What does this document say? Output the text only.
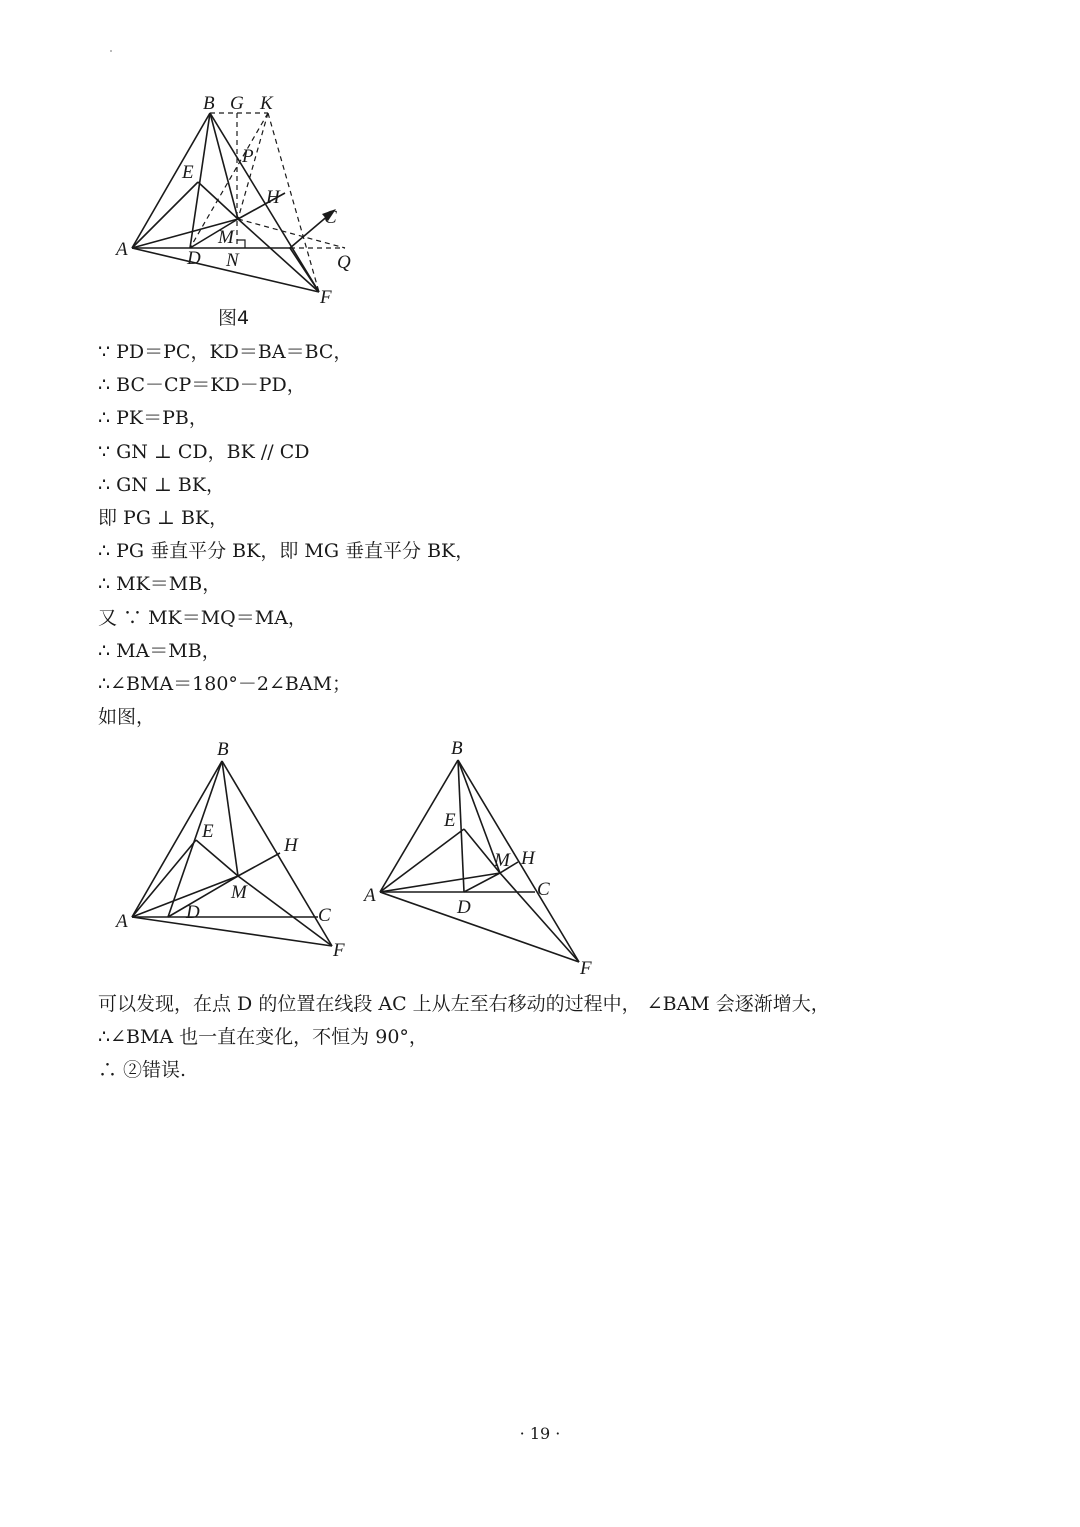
B G K
P
E
H
C
M
A	D N	Q
F
图4
∵ PD＝PC，KD＝BA＝BC，
∴ BC－CP＝KD－PD，
∴ PK＝PB，
∵ GN ⊥ CD，BK // CD
∴ GN ⊥ BK，
即 PG ⊥ BK，
∴ PG 垂直平分 BK，即 MG 垂直平分 BK，
∴ MK＝MB，
又 ∵ MK＝MQ＝MA，
∴ MA＝MB，
∴∠BMA＝180°－2∠BAM；
如图，
B
E
H
M
A	D	C
F
B
E
M H
A
D
C
F
可以发现，在点 D 的位置在线段 AC 上从左至右移动的过程中， ∠BAM 会逐渐增大，
∴∠BMA 也一直在变化，不恒为 90°，
∴ ②错误.
· 19 ·
